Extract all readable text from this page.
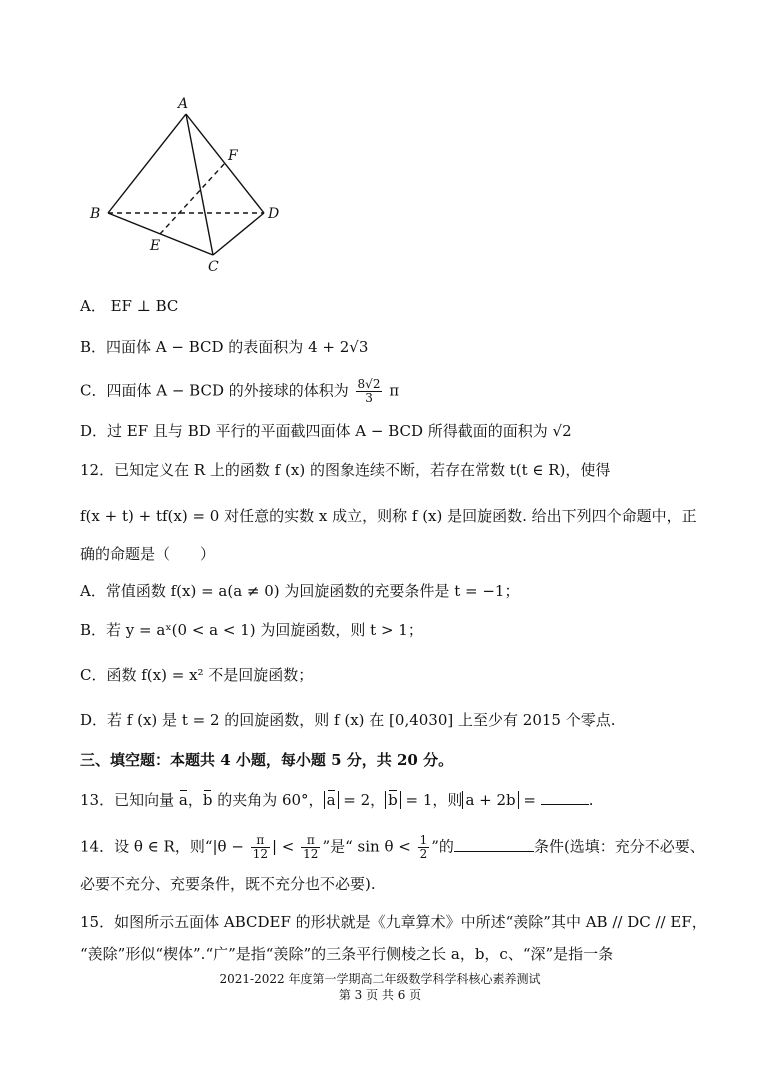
A
B
C
D
E
F
A． EF ⊥ BC
B．四面体 A − BCD 的表面积为 4 + 2√3
C．四面体 A − BCD 的外接球的体积为 $\frac{8√2}{3}$ π
D．过 EF 且与 BD 平行的平面截四面体 A − BCD 所得截面的面积为 √2
12．已知定义在 R 上的函数 f (x) 的图象连续不断，若存在常数 t(t ∈ R)，使得
f(x + t) + tf(x) = 0 对任意的实数 x 成立，则称 f (x) 是回旋函数. 给出下列四个命题中，正
确的命题是（　　）
A．常值函数 f(x) = a(a ≠ 0) 为回旋函数的充要条件是 t = −1；
B．若 y = aˣ(0 < a < 1) 为回旋函数，则 t > 1；
C．函数 f(x) = x² 不是回旋函数；
D．若 f (x) 是 t = 2 的回旋函数，则 f (x) 在 [0,4030] 上至少有 2015 个零点.
三、填空题：本题共 4 小题，每小题 5 分，共 20 分。
13．已知向量 a，b 的夹角为 60°， a = 2， b = 1，则 a + 2b =	.
14．设 θ ∈ R，则“$|\theta - \frac{\pi}{12}$ | < $\frac{\pi}{12}$ ”是“ $\sin \theta < \frac{1}{2}$ ”的	条件(选填：充分不必要、
必要不充分、充要条件，既不充分也不必要).
15．如图所示五面体 ABCDEF 的形状就是《九章算术》中所述“羡除”其中 AB // DC // EF，
“羡除”形似“楔体”.“广”是指“羡除”的三条平行侧棱之长 a，b，c、“深”是指一条
2021-2022 年度第一学期高二年级数学科学科核心素养测试
第 3 页 共 6 页
